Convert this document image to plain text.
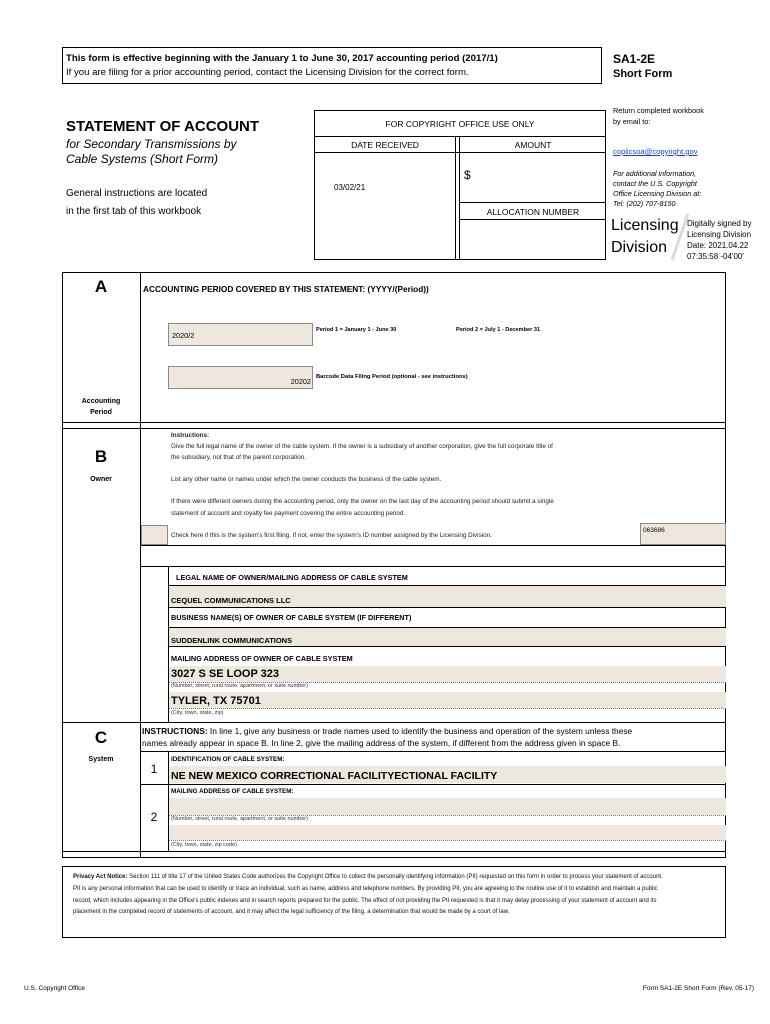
This form is effective beginning with the January 1 to June 30, 2017 accounting period (2017/1)
If you are filing for a prior accounting period, contact the Licensing Division for the correct form.
SA1-2E
Short Form
STATEMENT OF ACCOUNT
for Secondary Transmissions by
Cable Systems (Short Form)
General instructions are located
in the first tab of this workbook
FOR COPYRIGHT OFFICE USE ONLY
DATE RECEIVED	AMOUNT
03/02/21
$
ALLOCATION NUMBER
Return completed workbook
by email to:
coplicsoa@copyright.gov
For additional information,
contact the U.S. Copyright
Office Licensing Division at:
Tel: (202) 707-8150
Licensing
Division
Digitally signed by
Licensing Division
Date: 2021.04.22
07:35:58 -04'00'
A
Accounting
Period
ACCOUNTING PERIOD COVERED BY THIS STATEMENT: (YYYY/(Period))
2020/2
Period 1 = January 1 - June 30	Period 2 = July 1 - December 31
20202 Barcode Data Filing Period (optional - see instructions)
B
Owner
Instructions:
Give the full legal name of the owner of the cable system. If the owner is a subsidiary of another corporation, give the full corporate title of
the subsidiary, not that of the parent corporation.
List any other name or names under which the owner conducts the business of the cable system.
If there were different owners during the accounting period, only the owner on the last day of the accounting period should submit a single
statement of account and royalty fee payment covering the entire accounting period.
Check here if this is the system's first filing. If not, enter the system's ID number assigned by the Licensing Division.
063686
LEGAL NAME OF OWNER/MAILING ADDRESS OF CABLE SYSTEM
CEQUEL COMMUNICATIONS LLC
BUSINESS NAME(S) OF OWNER OF CABLE SYSTEM (IF DIFFERENT)
SUDDENLINK COMMUNICATIONS
MAILING ADDRESS OF OWNER OF CABLE SYSTEM
3027 S SE LOOP 323
(Number, street, rural route, apartment, or suite number)
TYLER, TX 75701
(City, town, state, zip)
C
System
INSTRUCTIONS: In line 1, give any business or trade names used to identify the business and operation of the system unless these
names already appear in space B. In line 2, give the mailing address of the system, if different from the address given in space B.
1
IDENTIFICATION OF CABLE SYSTEM:
NE NEW MEXICO CORRECTIONAL FACILITYECTIONAL FACILITY
MAILING ADDRESS OF CABLE SYSTEM:
2	(Number, street, rural route, apartment, or suite number)
(City, town, state, zip code)
Privacy Act Notice: Section 111 of title 17 of the United States Code authorizes the Copyright Office to collect the personally identifying information (PII) requested on this form in order to process your statement of account. PII is any personal information that can be used to identify or trace an individual, such as name, address and telephone numbers. By providing PII, you are agreeing to the routine use of it to establish and maintain a public record, which includes appearing in the Office's public indexes and in search reports prepared for the public. The effect of not providing the PII requested is that it may delay processing of your statement of account and its placement in the completed record of statements of account, and it may affect the legal sufficiency of the filing, a determination that would be made by a court of law.
U.S. Copyright Office	Form SA1-2E Short Form (Rev. 05-17)
